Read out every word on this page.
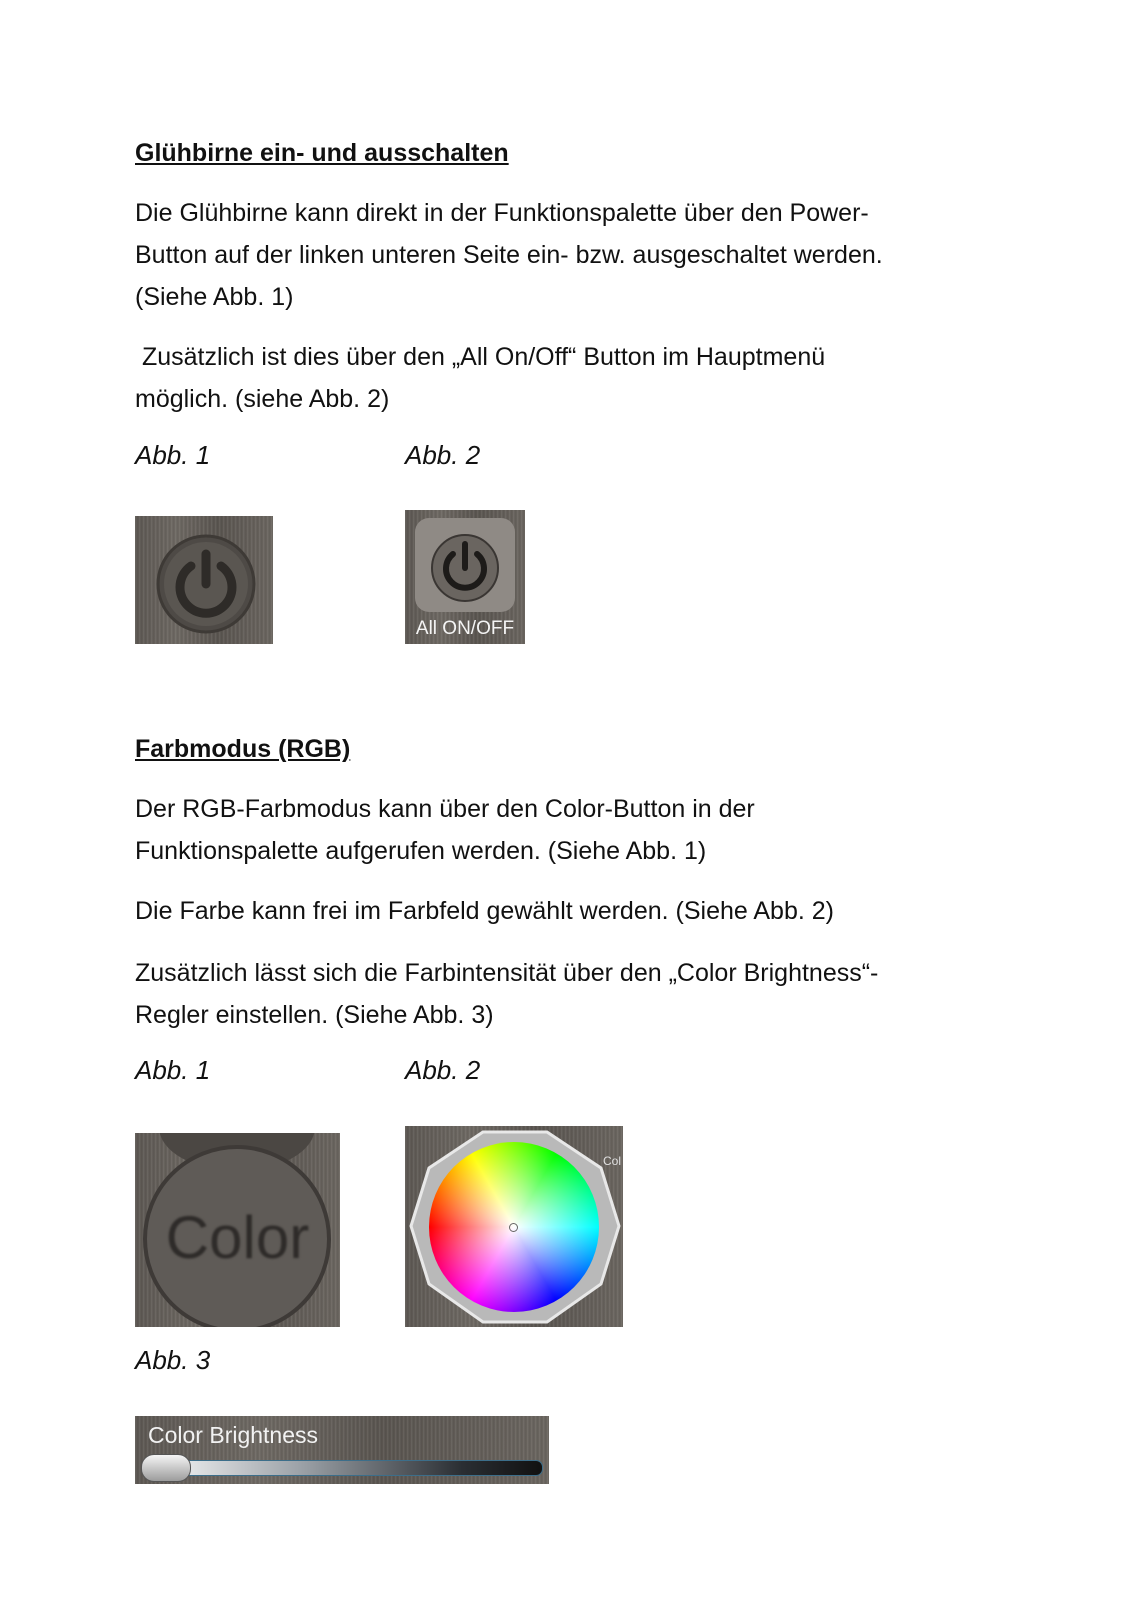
Glühbirne ein- und ausschalten
Die Glühbirne kann direkt in der Funktionspalette über den Power-
Button auf der linken unteren Seite ein- bzw. ausgeschaltet werden.
(Siehe Abb. 1)
Zusätzlich ist dies über den „All On/Off“ Button im Hauptmenü
möglich. (siehe Abb. 2)
Abb. 1	Abb. 2
All ON/OFF
Farbmodus (RGB)
Der RGB-Farbmodus kann über den Color-Button in der
Funktionspalette aufgerufen werden. (Siehe Abb. 1)
Die Farbe kann frei im Farbfeld gewählt werden. (Siehe Abb. 2)
Zusätzlich lässt sich die Farbintensität über den „Color Brightness“-
Regler einstellen. (Siehe Abb. 3)
Abb. 1	Abb. 2
Color
Col
Abb. 3
Color Brightness
